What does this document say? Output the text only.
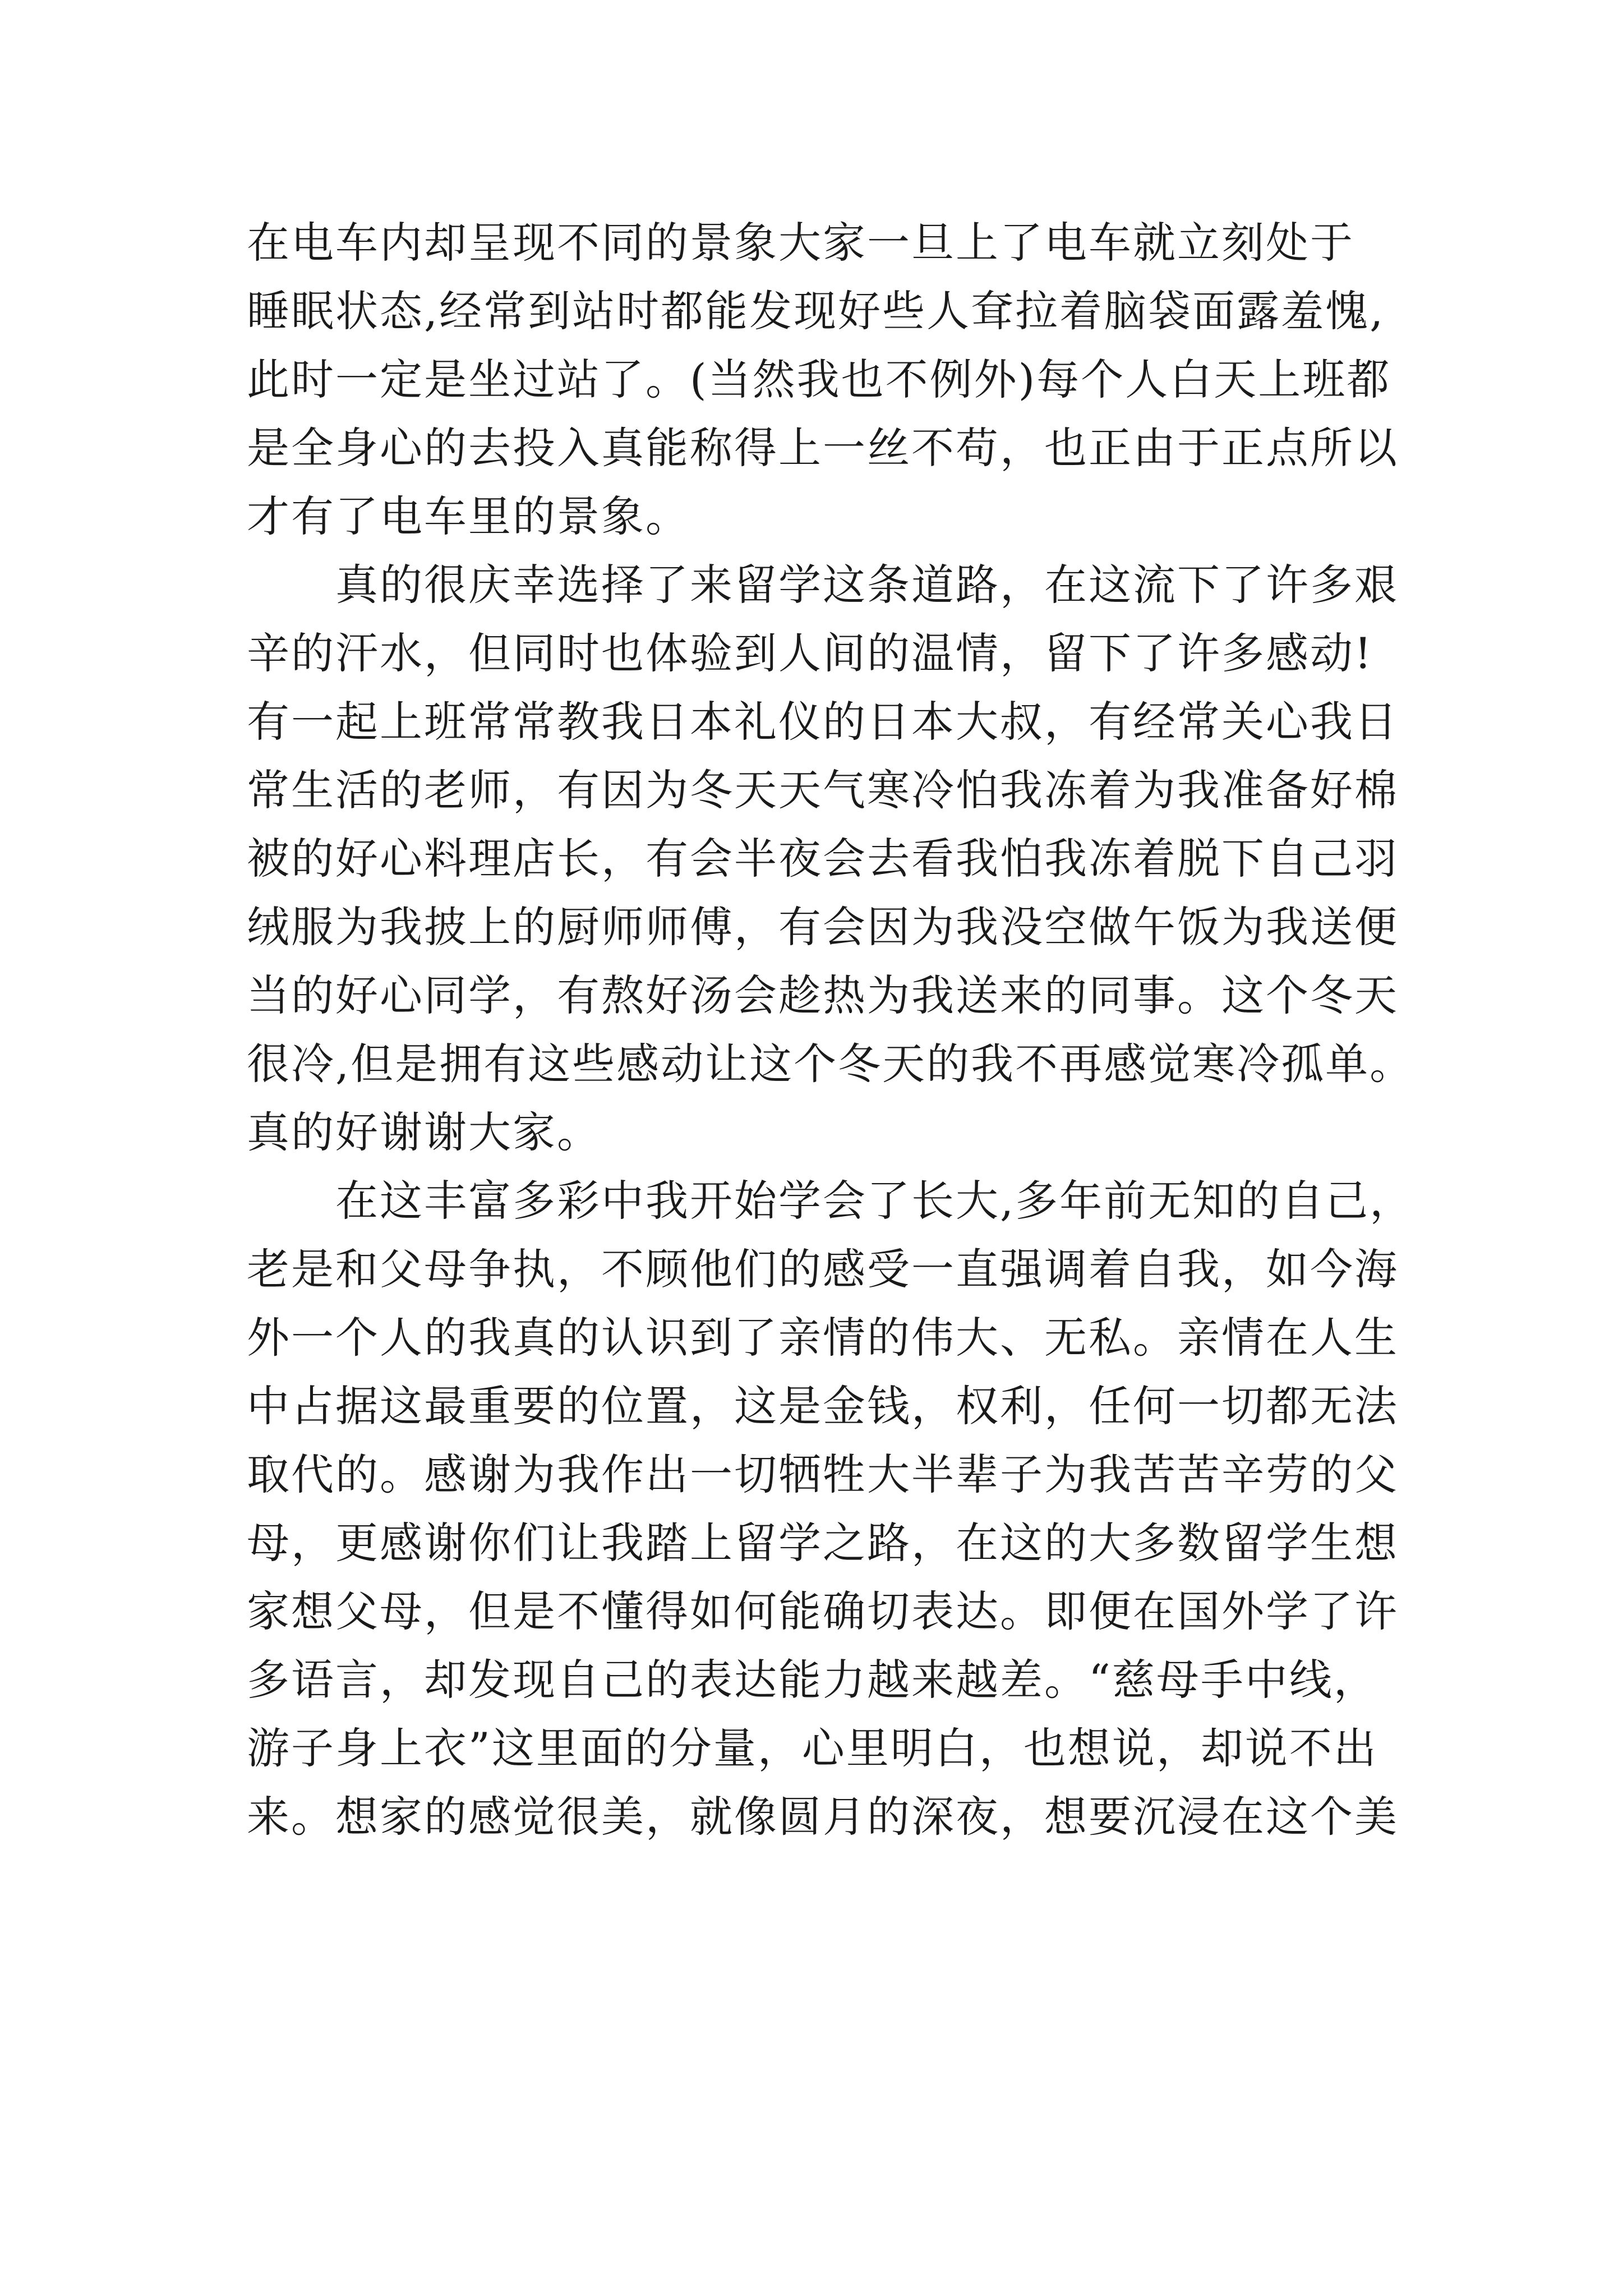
在电车内却呈现不同的景象大家一旦上了电车就立刻处于
睡眠状态,经常到站时都能发现好些人耷拉着脑袋面露羞愧,
此时一定是坐过站了。(当然我也不例外)每个人白天上班都
是全身心的去投入真能称得上一丝不苟，也正由于正点所以
才有了电车里的景象。
　　真的很庆幸选择了来留学这条道路，在这流下了许多艰
辛的汗水，但同时也体验到人间的温情，留下了许多感动!
有一起上班常常教我日本礼仪的日本大叔，有经常关心我日
常生活的老师，有因为冬天天气寒冷怕我冻着为我准备好棉
被的好心料理店长，有会半夜会去看我怕我冻着脱下自己羽
绒服为我披上的厨师师傅，有会因为我没空做午饭为我送便
当的好心同学，有熬好汤会趁热为我送来的同事。这个冬天
很冷,但是拥有这些感动让这个冬天的我不再感觉寒冷孤单。
真的好谢谢大家。
　　在这丰富多彩中我开始学会了长大,多年前无知的自己，
老是和父母争执，不顾他们的感受一直强调着自我，如今海
外一个人的我真的认识到了亲情的伟大、无私。亲情在人生
中占据这最重要的位置，这是金钱，权利，任何一切都无法
取代的。感谢为我作出一切牺牲大半辈子为我苦苦辛劳的父
母，更感谢你们让我踏上留学之路，在这的大多数留学生想
家想父母，但是不懂得如何能确切表达。即便在国外学了许
多语言，却发现自己的表达能力越来越差。“慈母手中线，
游子身上衣”这里面的分量，心里明白，也想说，却说不出
来。想家的感觉很美，就像圆月的深夜，想要沉浸在这个美
